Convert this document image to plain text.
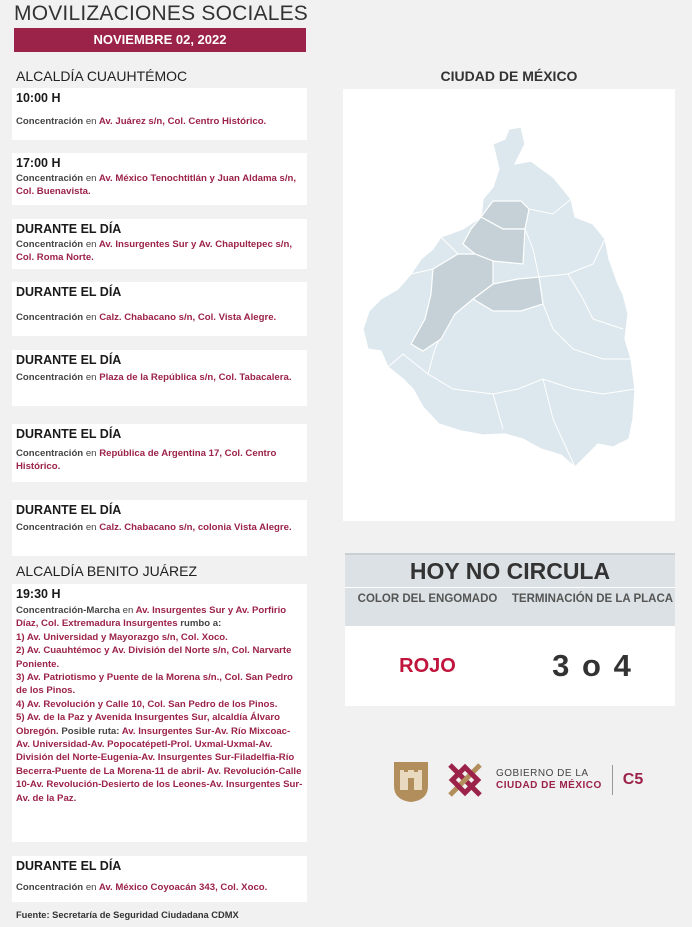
MOVILIZACIONES SOCIALES
NOVIEMBRE 02, 2022
ALCALDÍA CUAUHTÉMOC
10:00 H
Concentración en Av. Juárez s/n, Col. Centro Histórico.
17:00 H
Concentración en Av. México Tenochtitlán y Juan Aldama s/n, Col. Buenavista.
DURANTE EL DÍA
Concentración en Av. Insurgentes Sur y Av. Chapultepec s/n, Col. Roma Norte.
DURANTE EL DÍA
Concentración en Calz. Chabacano s/n, Col. Vista Alegre.
DURANTE EL DÍA
Concentración en Plaza de la República s/n, Col. Tabacalera.
DURANTE EL DÍA
Concentración en República de Argentina 17, Col. Centro Histórico.
DURANTE EL DÍA
Concentración en Calz. Chabacano s/n, colonia Vista Alegre.
ALCALDÍA BENITO JUÁREZ
19:30 H
Concentración-Marcha en Av. Insurgentes Sur y Av. Porfirio Díaz, Col. Extremadura Insurgentes rumbo a:
1) Av. Universidad y Mayorazgo s/n, Col. Xoco.
2) Av. Cuauhtémoc y Av. División del Norte s/n, Col. Narvarte Poniente.
3) Av. Patriotismo y Puente de la Morena s/n., Col. San Pedro de los Pinos.
4) Av. Revolución y Calle 10, Col. San Pedro de los Pinos.
5) Av. de la Paz y Avenida Insurgentes Sur, alcaldía Álvaro Obregón. Posible ruta: Av. Insurgentes Sur-Av. Río Mixcoac-Av. Universidad-Av. Popocatépetl-Prol. Uxmal-Uxmal-Av. División del Norte-Eugenia-Av. Insurgentes Sur-Filadelfia-Río Becerra-Puente de La Morena-11 de abril- Av. Revolución-Calle 10-Av. Revolución-Desierto de los Leones-Av. Insurgentes Sur-Av. de la Paz.
DURANTE EL DÍA
Concentración en Av. México Coyoacán 343, Col. Xoco.
Fuente: Secretaría de Seguridad Ciudadana CDMX
CIUDAD DE MÉXICO
HOY NO CIRCULA
COLOR DEL ENGOMADO	TERMINACIÓN DE LA PLACA
ROJO	3 o 4
GOBIERNO DE LA
CIUDAD DE MÉXICO	C5
